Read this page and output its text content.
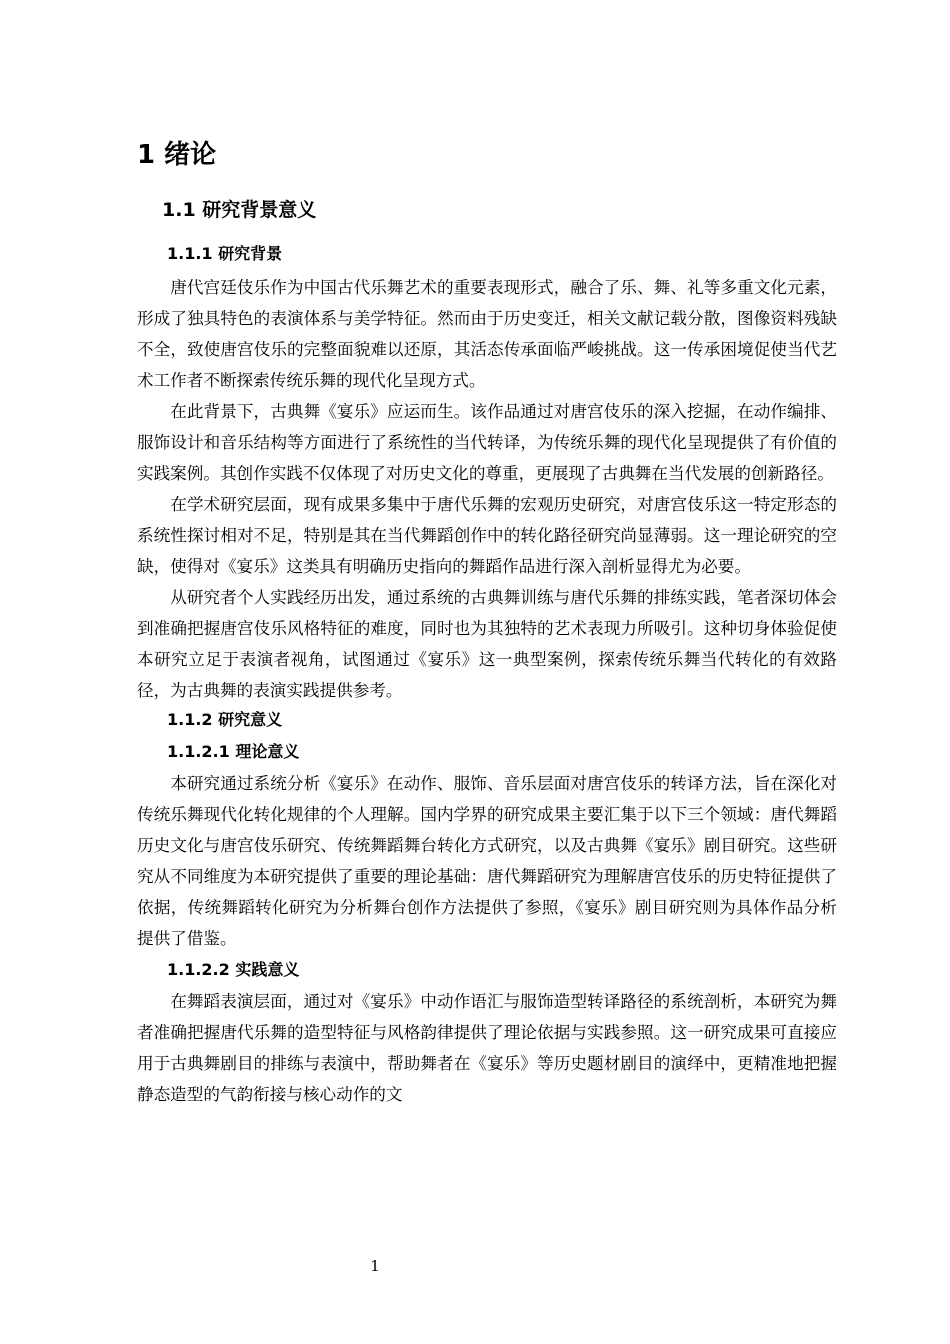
1 绪论
1.1 研究背景意义
1.1.1 研究背景

唐代宫廷伎乐作为中国古代乐舞艺术的重要表现形式，融合了乐、舞、礼等多重文化元素，形成了独具特色的表演体系与美学特征。然而由于历史变迁，相关文献记载分散，图像资料残缺不全，致使唐宫伎乐的完整面貌难以还原，其活态传承面临严峻挑战。这一传承困境促使当代艺术工作者不断探索传统乐舞的现代化呈现方式。

在此背景下，古典舞《宴乐》应运而生。该作品通过对唐宫伎乐的深入挖掘，在动作编排、服饰设计和音乐结构等方面进行了系统性的当代转译，为传统乐舞的现代化呈现提供了有价值的实践案例。其创作实践不仅体现了对历史文化的尊重，更展现了古典舞在当代发展的创新路径。

在学术研究层面，现有成果多集中于唐代乐舞的宏观历史研究，对唐宫伎乐这一特定形态的系统性探讨相对不足，特别是其在当代舞蹈创作中的转化路径研究尚显薄弱。这一理论研究的空缺，使得对《宴乐》这类具有明确历史指向的舞蹈作品进行深入剖析显得尤为必要。

从研究者个人实践经历出发，通过系统的古典舞训练与唐代乐舞的排练实践，笔者深切体会到准确把握唐宫伎乐风格特征的难度，同时也为其独特的艺术表现力所吸引。这种切身体验促使本研究立足于表演者视角，试图通过《宴乐》这一典型案例，探索传统乐舞当代转化的有效路径，为古典舞的表演实践提供参考。

1.1.2 研究意义
1.1.2.1 理论意义

本研究通过系统分析《宴乐》在动作、服饰、音乐层面对唐宫伎乐的转译方法，旨在深化对传统乐舞现代化转化规律的个人理解。国内学界的研究成果主要汇集于以下三个领域：唐代舞蹈历史文化与唐宫伎乐研究、传统舞蹈舞台转化方式研究，以及古典舞《宴乐》剧目研究。这些研究从不同维度为本研究提供了重要的理论基础：唐代舞蹈研究为理解唐宫伎乐的历史特征提供了依据，传统舞蹈转化研究为分析舞台创作方法提供了参照，《宴乐》剧目研究则为具体作品分析提供了借鉴。

1.1.2.2 实践意义

在舞蹈表演层面，通过对《宴乐》中动作语汇与服饰造型转译路径的系统剖析，本研究为舞者准确把握唐代乐舞的造型特征与风格韵律提供了理论依据与实践参照。这一研究成果可直接应用于古典舞剧目的排练与表演中，帮助舞者在《宴乐》等历史题材剧目的演绎中，更精准地把握静态造型的气韵衔接与核心动作的文

1
